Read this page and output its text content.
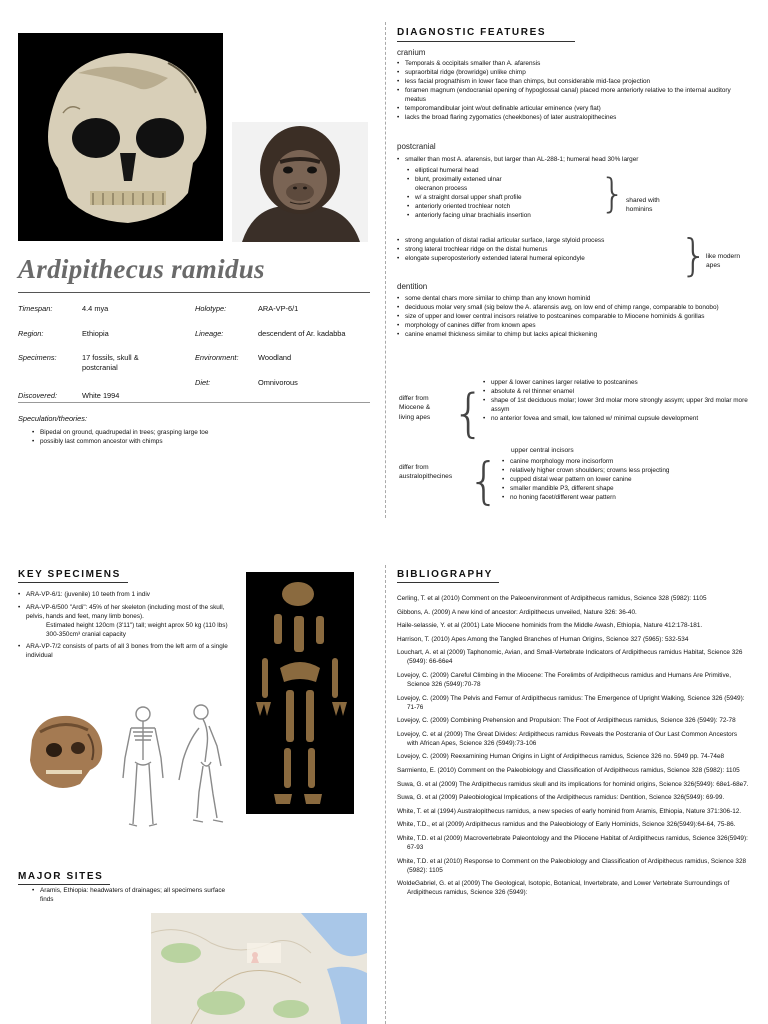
Ardipithecus ramidus
Timespan:	4.4 mya	Holotype:	ARA-VP-6/1
Region:	Ethiopia	Lineage:	descendent of Ar. kadabba
Specimens:	17 fossils, skull & postcranial
Environment:	Woodland
Diet:	Omnivorous
Discovered:	White 1994
Speculation/theories:
• Bipedal on ground, quadrupedal in trees; grasping large toe
• possibly last common ancestor with chimps
DIAGNOSTIC FEATURES
cranium
• Temporals & occipitals smaller than A. afarensis
• supraorbital ridge (browridge) unlike chimp
• less facial prognathism in lower face than chimps, but considerable mid-face projection
• foramen magnum (endocranial opening of hypoglossal canal) placed more anteriorly relative to the internal auditory meatus
• temporomandibular joint w/out definable articular eminence (very flat)
• lacks the broad flaring zygomatics (cheekbones) of later australopithecines
postcranial
• smaller than most A. afarensis, but larger than AL-288-1; humeral head 30% larger
• elliptical humeral head
• blunt, proximally extened ulnar olecranon process
• w/ a straight dorsal upper shaft profile
• anteriorly oriented trochlear notch
• anteriorly facing ulnar brachialis insertion	} shared with hominins
• strong angulation of distal radial articular surface, large styloid process
• strong lateral trochlear ridge on the distal humerus
• elongate superoposteriorly extended lateral humeral epicondyle	}
like modern apes
dentition
• some dental chars more similar to chimp than any known hominid
• deciduous molar very small (sig below the A. afarensis avg, on low end of chimp range, comparable to bonobo)
• size of upper and lower central incisors relative to postcanines comparable to Miocene hominids & gorillas
• morphology of canines differ from known apes
• canine enamel thickness similar to chimp but lacks apical thickening
differ from Miocene & living apes {
• upper & lower canines larger relative to postcanines
• absolute & rel thinner enamel
• shape of 1st deciduous molar; lower 3rd molar more strongly assym; upper 3rd molar more assym
• no anterior fovea and small, low taloned w/ minimal cupsule development
upper central incisors
differ from australopithecines {
•	canine morphology more incisorform
• relatively higher crown shoulders; crowns less projecting
• cupped distal wear pattern on lower canine
• smaller mandible P3, different shape
• no honing facet/different wear pattern
KEY SPECIMENS
• ARA-VP-6/1: (juvenile) 10 teeth from 1 indiv
• ARA-VP-6/500 "Ardi": 45% of her skeleton (including most of the skull, pelvis, hands and feet, many limb bones).
Estimated height 120cm (3'11") tall; weight aprox 50 kg (110 lbs)
300-350cm³ cranial capacity
• ARA-VP-7/2 consists of parts of all 3 bones from the left arm of a single individual
MAJOR SITES
• Aramis, Ethiopia: headwaters of drainages; all specimens surface finds
BIBLIOGRAPHY

Cerling, T. et al (2010) Comment on the Paleoenvironment of Ardipithecus ramidus, Science 328 (5982): 1105

Gibbons, A. (2009) A new kind of ancestor: Ardipithecus unveiled, Nature 326: 36-40.

Haile-selassie, Y. et al (2001) Late Miocene hominids from the Middle Awash, Ethiopia, Nature 412:178-181.

Harrison, T. (2010) Apes Among the Tangled Branches of Human Origins, Science 327 (5965): 532-534

Louchart, A. et al (2009) Taphonomic, Avian, and Small-Vertebrate Indicators of Ardipithecus ramidus Habitat, Science 326 (5949): 66-66e4

Lovejoy, C. (2009) Careful Climbing in the Miocene: The Forelimbs of Ardipithecus ramidus and Humans Are Primitive, Science 326 (5949):70-78

Lovejoy, C. (2009) The Pelvis and Femur of Ardipithecus ramidus: The Emergence of Upright Walking, Science 326 (5949): 71-76

Lovejoy, C. (2009) Combining Prehension and Propulsion: The Foot of Ardipithecus ramidus, Science 326 (5949): 72-78

Lovejoy, C. et al (2009) The Great Divides: Ardipithecus ramidus Reveals the Postcrania of Our Last Common Ancestors with African Apes, Science 326 (5949):73-106

Lovejoy, C. (2009) Reexamining Human Origins in Light of Ardipithecus ramidus, Science 326 no. 5949 pp. 74-74e8

Sarmiento, E. (2010) Comment on the Paleobiology and Classification of Ardipithecus ramidus, Science 328 (5982): 1105

Suwa, G. et al (2009) The Ardipithecus ramidus skull and its implications for hominid origins, Science 326(5949): 68e1-68e7.

Suwa, G. et al (2009) Paleobiological Implications of the Ardipithecus ramidus: Dentition, Science 326(5949): 69-99.

White, T. et al (1994) Australopithecus ramidus, a new species of early hominid from Aramis, Ethiopia, Nature 371:306-12.

White, T.D., et al (2009) Ardipithecus ramidus and the Paleobiology of Early Hominids, Science 326(5949):64-64, 75-86.

White, T.D. et al (2009) Macrovertebrate Paleontology and the Pliocene Habitat of Ardipithecus ramidus, Science 326(5949): 67-93

White, T.D. et al (2010) Response to Comment on the Paleobiology and Classification of Ardipithecus ramidus, Science 328 (5982): 1105

WoldeGabriel, G. et al (2009) The Geological, Isotopic, Botanical, Invertebrate, and Lower Vertebrate Surroundings of Ardipithecus ramidus, Science 326 (5949):
